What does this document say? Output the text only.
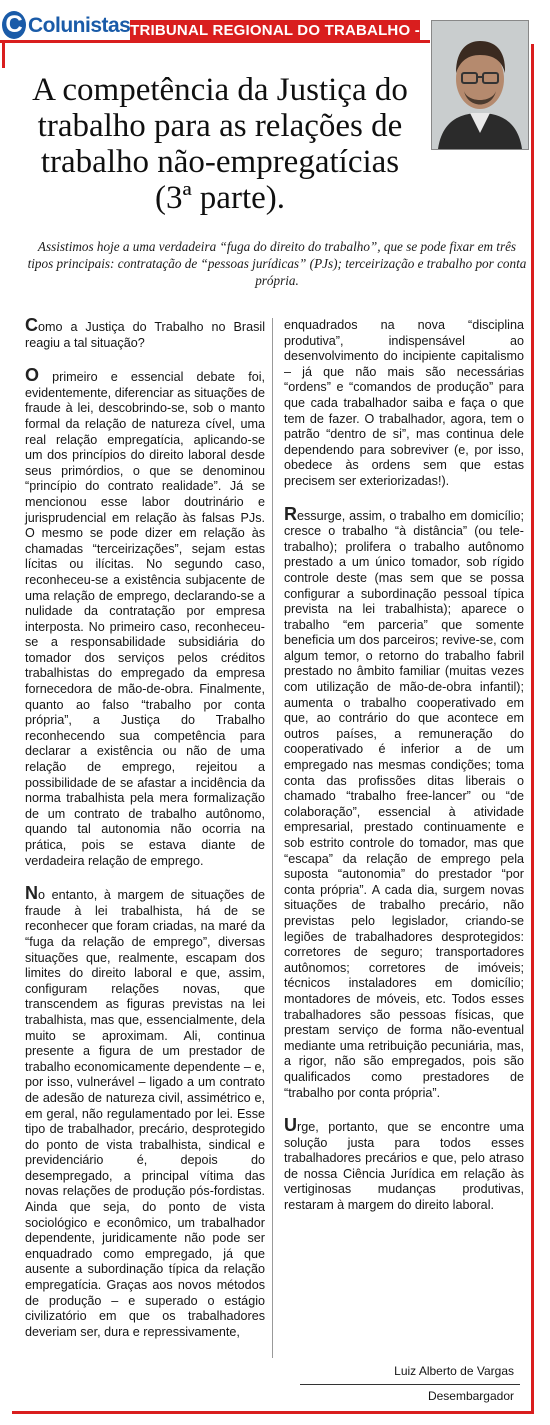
C Colunistas TRIBUNAL REGIONAL DO TRABALHO - RS
A competência da Justiça do
trabalho para as relações de
trabalho não-empregatícias
(3ª parte).

Assistimos hoje a uma verdadeira “fuga do direito do trabalho”, que se pode fixar em três tipos principais: contratação de “pessoas jurídicas” (PJs); terceirização e trabalho por conta própria.

Como a Justiça do Trabalho no Brasil reagiu a tal situação?

O primeiro e essencial debate foi, evidentemente, diferenciar as situações de fraude à lei, descobrindo-se, sob o manto formal da relação de natureza cível, uma real relação empregatícia, aplicando-se um dos princípios do direito laboral desde seus primórdios, o que se denominou “princípio do contrato realidade”. Já se mencionou esse labor doutrinário e jurisprudencial em relação às falsas PJs. O mesmo se pode dizer em relação às chamadas “terceirizações”, sejam estas lícitas ou ilícitas. No segundo caso, reconheceu-se a existência subjacente de uma relação de emprego, declarando-se a nulidade da contratação por empresa interposta. No primeiro caso, reconheceu-se a responsabilidade subsidiária do tomador dos serviços pelos créditos trabalhistas do empregado da empresa fornecedora de mão-de-obra. Finalmente, quanto ao falso “trabalho por conta própria”, a Justiça do Trabalho reconhecendo sua competência para declarar a existência ou não de uma relação de emprego, rejeitou a possibilidade de se afastar a incidência da norma trabalhista pela mera formalização de um contrato de trabalho autônomo, quando tal autonomia não ocorria na prática, pois se estava diante de verdadeira relação de emprego.

No entanto, à margem de situações de fraude à lei trabalhista, há de se reconhecer que foram criadas, na maré da “fuga da relação de emprego”, diversas situações que, realmente, escapam dos limites do direito laboral e que, assim, configuram relações novas, que transcendem as figuras previstas na lei trabalhista, mas que, essencialmente, dela muito se aproximam. Ali, continua presente a figura de um prestador de trabalho economicamente dependente – e, por isso, vulnerável – ligado a um contrato de adesão de natureza civil, assimétrico e, em geral, não regulamentado por lei. Esse tipo de trabalhador, precário, desprotegido do ponto de vista trabalhista, sindical e previdenciário é, depois do desempregado, a principal vítima das novas relações de produção pós-fordistas. Ainda que seja, do ponto de vista sociológico e econômico, um trabalhador dependente, juridicamente não pode ser enquadrado como empregado, já que ausente a subordinação típica da relação empregatícia. Graças aos novos métodos de produção – e superado o estágio civilizatório em que os trabalhadores deveriam ser, dura e repressivamente,

enquadrados na nova “disciplina produtiva”, indispensável ao desenvolvimento do incipiente capitalismo – já que não mais são necessárias “ordens” e “comandos de produção” para que cada trabalhador saiba e faça o que tem de fazer. O trabalhador, agora, tem o patrão “dentro de si”, mas continua dele dependendo para sobreviver (e, por isso, obedece às ordens sem que estas precisem ser exteriorizadas!).

Ressurge, assim, o trabalho em domicílio; cresce o trabalho “à distância” (ou tele-trabalho); prolifera o trabalho autônomo prestado a um único tomador, sob rígido controle deste (mas sem que se possa configurar a subordinação pessoal típica prevista na lei trabalhista); aparece o trabalho “em parceria” que somente beneficia um dos parceiros; revive-se, com algum temor, o retorno do trabalho fabril prestado no âmbito familiar (muitas vezes com utilização de mão-de-obra infantil); aumenta o trabalho cooperativado em que, ao contrário do que acontece em outros países, a remuneração do cooperativado é inferior a de um empregado nas mesmas condições; toma conta das profissões ditas liberais o chamado “trabalho free-lancer” ou “de colaboração”, essencial à atividade empresarial, prestado continuamente e sob estrito controle do tomador, mas que “escapa” da relação de emprego pela suposta “autonomia” do prestador “por conta própria”. A cada dia, surgem novas situações de trabalho precário, não previstas pelo legislador, criando-se legiões de trabalhadores desprotegidos: corretores de seguro; transportadores autônomos; corretores de imóveis; técnicos instaladores em domicílio; montadores de móveis, etc. Todos esses trabalhadores são pessoas físicas, que prestam serviço de forma não-eventual mediante uma retribuição pecuniária, mas, a rigor, não são empregados, pois são qualificados como prestadores de “trabalho por conta própria”.

Urge, portanto, que se encontre uma solução justa para todos esses trabalhadores precários e que, pelo atraso de nossa Ciência Jurídica em relação às vertiginosas mudanças produtivas, restaram à margem do direito laboral.

Luiz Alberto de Vargas
Desembargador
